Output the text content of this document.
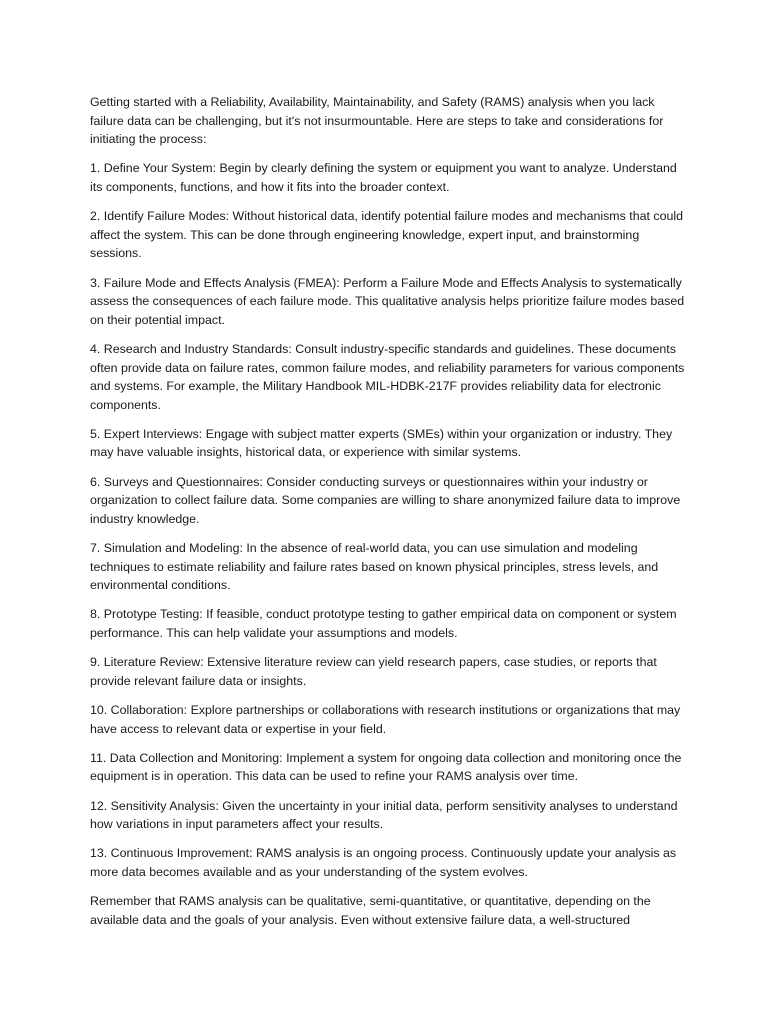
Getting started with a Reliability, Availability, Maintainability, and Safety (RAMS) analysis when you lack failure data can be challenging, but it's not insurmountable. Here are steps to take and considerations for initiating the process:

1. Define Your System: Begin by clearly defining the system or equipment you want to analyze. Understand its components, functions, and how it fits into the broader context.

2. Identify Failure Modes: Without historical data, identify potential failure modes and mechanisms that could affect the system. This can be done through engineering knowledge, expert input, and brainstorming sessions.

3. Failure Mode and Effects Analysis (FMEA): Perform a Failure Mode and Effects Analysis to systematically assess the consequences of each failure mode. This qualitative analysis helps prioritize failure modes based on their potential impact.

4. Research and Industry Standards: Consult industry-specific standards and guidelines. These documents often provide data on failure rates, common failure modes, and reliability parameters for various components and systems. For example, the Military Handbook MIL-HDBK-217F provides reliability data for electronic components.

5. Expert Interviews: Engage with subject matter experts (SMEs) within your organization or industry. They may have valuable insights, historical data, or experience with similar systems.

6. Surveys and Questionnaires: Consider conducting surveys or questionnaires within your industry or organization to collect failure data. Some companies are willing to share anonymized failure data to improve industry knowledge.

7. Simulation and Modeling: In the absence of real-world data, you can use simulation and modeling techniques to estimate reliability and failure rates based on known physical principles, stress levels, and environmental conditions.

8. Prototype Testing: If feasible, conduct prototype testing to gather empirical data on component or system performance. This can help validate your assumptions and models.

9. Literature Review: Extensive literature review can yield research papers, case studies, or reports that provide relevant failure data or insights.

10. Collaboration: Explore partnerships or collaborations with research institutions or organizations that may have access to relevant data or expertise in your field.

11. Data Collection and Monitoring: Implement a system for ongoing data collection and monitoring once the equipment is in operation. This data can be used to refine your RAMS analysis over time.

12. Sensitivity Analysis: Given the uncertainty in your initial data, perform sensitivity analyses to understand how variations in input parameters affect your results.

13. Continuous Improvement: RAMS analysis is an ongoing process. Continuously update your analysis as more data becomes available and as your understanding of the system evolves.

Remember that RAMS analysis can be qualitative, semi-quantitative, or quantitative, depending on the available data and the goals of your analysis. Even without extensive failure data, a well-structured
